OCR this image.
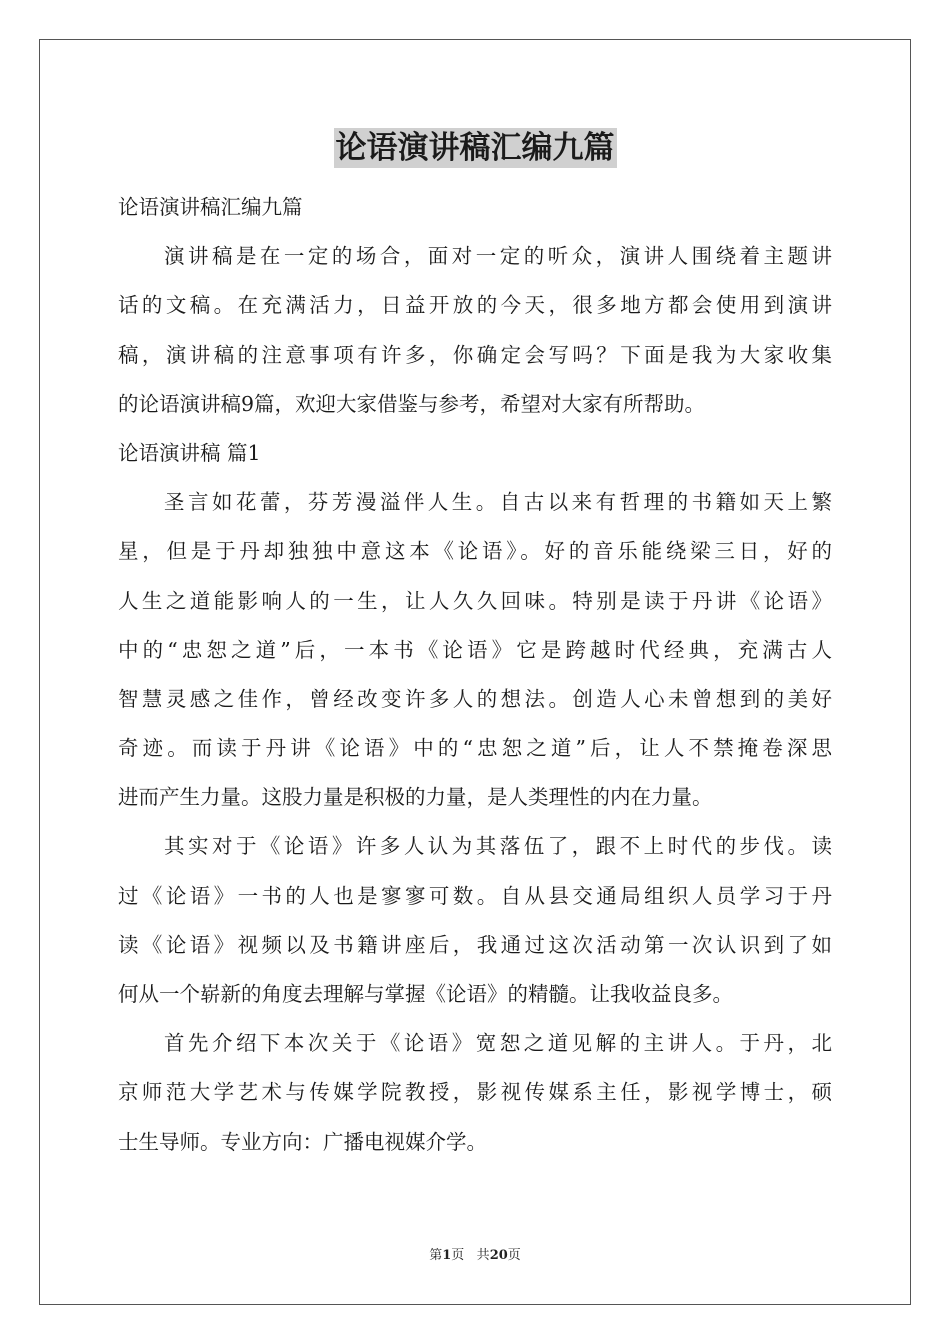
论语演讲稿汇编九篇
论语演讲稿汇编九篇
演讲稿是在一定的场合，面对一定的听众，演讲人围绕着主题讲
话的文稿。在充满活力，日益开放的今天，很多地方都会使用到演讲
稿，演讲稿的注意事项有许多，你确定会写吗？下面是我为大家收集
的论语演讲稿9篇，欢迎大家借鉴与参考，希望对大家有所帮助。
论语演讲稿 篇1
圣言如花蕾，芬芳漫溢伴人生。自古以来有哲理的书籍如天上繁
星，但是于丹却独独中意这本《论语》。好的音乐能绕梁三日，好的
人生之道能影响人的一生，让人久久回味。特别是读于丹讲《论语》
中的“忠恕之道”后，一本书《论语》它是跨越时代经典，充满古人
智慧灵感之佳作，曾经改变许多人的想法。创造人心未曾想到的美好
奇迹。而读于丹讲《论语》中的“忠恕之道”后，让人不禁掩卷深思
进而产生力量。这股力量是积极的力量，是人类理性的内在力量。
其实对于《论语》许多人认为其落伍了，跟不上时代的步伐。读
过《论语》一书的人也是寥寥可数。自从县交通局组织人员学习于丹
读《论语》视频以及书籍讲座后，我通过这次活动第一次认识到了如
何从一个崭新的角度去理解与掌握《论语》的精髓。让我收益良多。
首先介绍下本次关于《论语》宽恕之道见解的主讲人。于丹，北
京师范大学艺术与传媒学院教授，影视传媒系主任，影视学博士，硕
士生导师。专业方向：广播电视媒介学。
第1页 共20页
